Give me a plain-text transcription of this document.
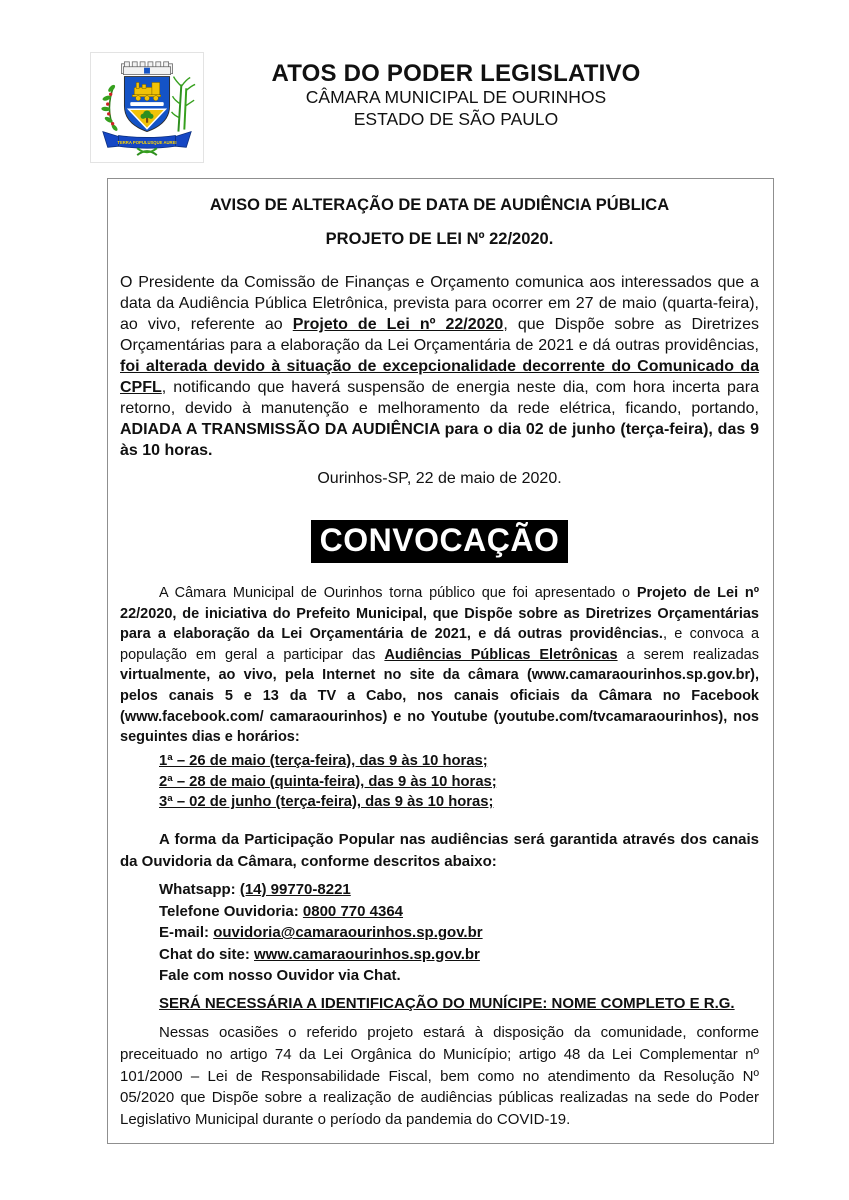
TERRA POPULUSQUE AUREI
ATOS DO PODER LEGISLATIVO
CÂMARA MUNICIPAL DE OURINHOS
ESTADO DE SÃO PAULO

AVISO DE ALTERAÇÃO DE DATA DE AUDIÊNCIA PÚBLICA

PROJETO DE LEI Nº 22/2020.

O Presidente da Comissão de Finanças e Orçamento comunica aos interessados que a data da Audiência Pública Eletrônica, prevista para ocorrer em 27 de maio (quarta-feira), ao vivo, referente ao Projeto de Lei nº 22/2020, que Dispõe sobre as Diretrizes Orçamentárias para a elaboração da Lei Orçamentária de 2021 e dá outras providências, foi alterada devido à situação de excepcionalidade decorrente do Comunicado da CPFL, notificando que haverá suspensão de energia neste dia, com hora incerta para retorno, devido à manutenção e melhoramento da rede elétrica, ficando, portando, ADIADA A TRANSMISSÃO DA AUDIÊNCIA para o dia 02 de junho (terça-feira), das 9 às 10 horas.

Ourinhos-SP, 22 de maio de 2020.

CONVOCAÇÃO

A Câmara Municipal de Ourinhos torna público que foi apresentado o Projeto de Lei nº 22/2020, de iniciativa do Prefeito Municipal, que Dispõe sobre as Diretrizes Orçamentárias para a elaboração da Lei Orçamentária de 2021, e dá outras providências., e convoca a população em geral a participar das Audiências Públicas Eletrônicas a serem realizadas virtualmente, ao vivo, pela Internet no site da câmara (www.camaraourinhos.sp.gov.br), pelos canais 5 e 13 da TV a Cabo, nos canais oficiais da Câmara no Facebook (www.facebook.com/ camaraourinhos) e no Youtube (youtube.com/tvcamaraourinhos), nos seguintes dias e horários:

1ª – 26 de maio (terça-feira), das 9 às 10 horas;
2ª – 28 de maio (quinta-feira), das 9 às 10 horas;
3ª – 02 de junho (terça-feira), das 9 às 10 horas;

A forma da Participação Popular nas audiências será garantida através dos canais da Ouvidoria da Câmara, conforme descritos abaixo:

Whatsapp: (14) 99770-8221
Telefone Ouvidoria: 0800 770 4364
E-mail: ouvidoria@camaraourinhos.sp.gov.br
Chat do site: www.camaraourinhos.sp.gov.br
Fale com nosso Ouvidor via Chat.

SERÁ NECESSÁRIA A IDENTIFICAÇÃO DO MUNÍCIPE: NOME COMPLETO E R.G.

Nessas ocasiões o referido projeto estará à disposição da comunidade, conforme preceituado no artigo 74 da Lei Orgânica do Município; artigo 48 da Lei Complementar nº 101/2000 – Lei de Responsabilidade Fiscal, bem como no atendimento da Resolução Nº 05/2020 que Dispõe sobre a realização de audiências públicas realizadas na sede do Poder Legislativo Municipal durante o período da pandemia do COVID-19.
